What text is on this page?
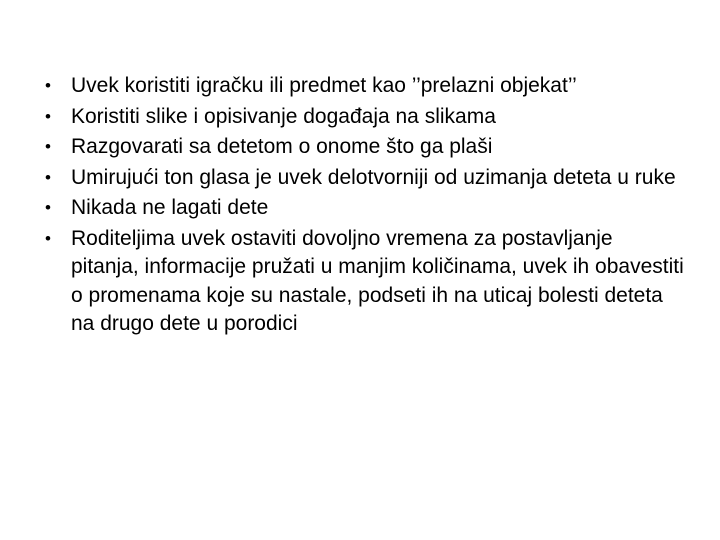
• Uvek koristiti igračku ili predmet kao ’’prelazni objekat’’
• Koristiti slike i opisivanje događaja na slikama
• Razgovarati sa detetom o onome što ga plaši
• Umirujući ton glasa je uvek delotvorniji od uzimanja deteta u ruke
• Nikada ne lagati dete
• Roditeljima uvek ostaviti dovoljno vremena za postavljanje pitanja, informacije pružati u manjim količinama, uvek ih obavestiti o promenama koje su nastale, podseti ih na uticaj bolesti deteta na drugo dete u porodici
